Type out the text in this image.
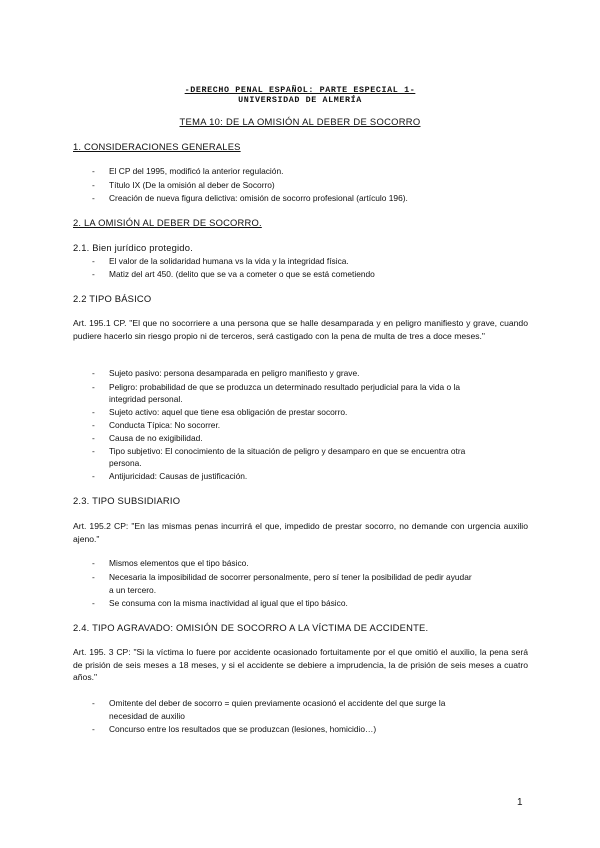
-DERECHO PENAL ESPAÑOL: PARTE ESPECIAL 1-
UNIVERSIDAD DE ALMERÍA
TEMA 10: DE LA OMISIÓN AL DEBER DE SOCORRO
1. CONSIDERACIONES GENERALES
- El CP del 1995, modificó la anterior regulación.
- Título IX (De la omisión al deber de Socorro)
- Creación de nueva figura delictiva: omisión de socorro profesional (artículo 196).
2. LA OMISIÓN AL DEBER DE SOCORRO.
2.1. Bien jurídico protegido.
- El valor de la solidaridad humana vs la vida y la integridad física.
- Matiz del art 450. (delito que se va a cometer o que se está cometiendo
2.2 TIPO BÁSICO
Art. 195.1 CP. "El que no socorriere a una persona que se halle desamparada y en peligro manifiesto y grave, cuando pudiere hacerlo sin riesgo propio ni de terceros, será castigado con la pena de multa de tres a doce meses."
- Sujeto pasivo: persona desamparada en peligro manifiesto y grave.
- Peligro: probabilidad de que se produzca un determinado resultado perjudicial para la vida o la
integridad personal.
- Sujeto activo: aquel que tiene esa obligación de prestar socorro.
- Conducta Típica: No socorrer.
- Causa de no exigibilidad.
- Tipo subjetivo: El conocimiento de la situación de peligro y desamparo en que se encuentra otra
persona.
- Antijuricidad: Causas de justificación.
2.3. TIPO SUBSIDIARIO
Art. 195.2 CP: "En las mismas penas incurrirá el que, impedido de prestar socorro, no demande con urgencia auxilio ajeno."
- Mismos elementos que el tipo básico.
- Necesaria la imposibilidad de socorrer personalmente, pero sí tener la posibilidad de pedir ayudar
a un tercero.
- Se consuma con la misma inactividad al igual que el tipo básico.
2.4. TIPO AGRAVADO: OMISIÓN DE SOCORRO A LA VÍCTIMA DE ACCIDENTE.
Art. 195. 3 CP: "Si la víctima lo fuere por accidente ocasionado fortuitamente por el que omitió el auxilio, la pena será de prisión de seis meses a 18 meses, y si el accidente se debiere a imprudencia, la de prisión de seis meses a cuatro años."
- Omitente del deber de socorro = quien previamente ocasionó el accidente del que surge la
necesidad de auxilio
- Concurso entre los resultados que se produzcan (lesiones, homicidio…)
1
